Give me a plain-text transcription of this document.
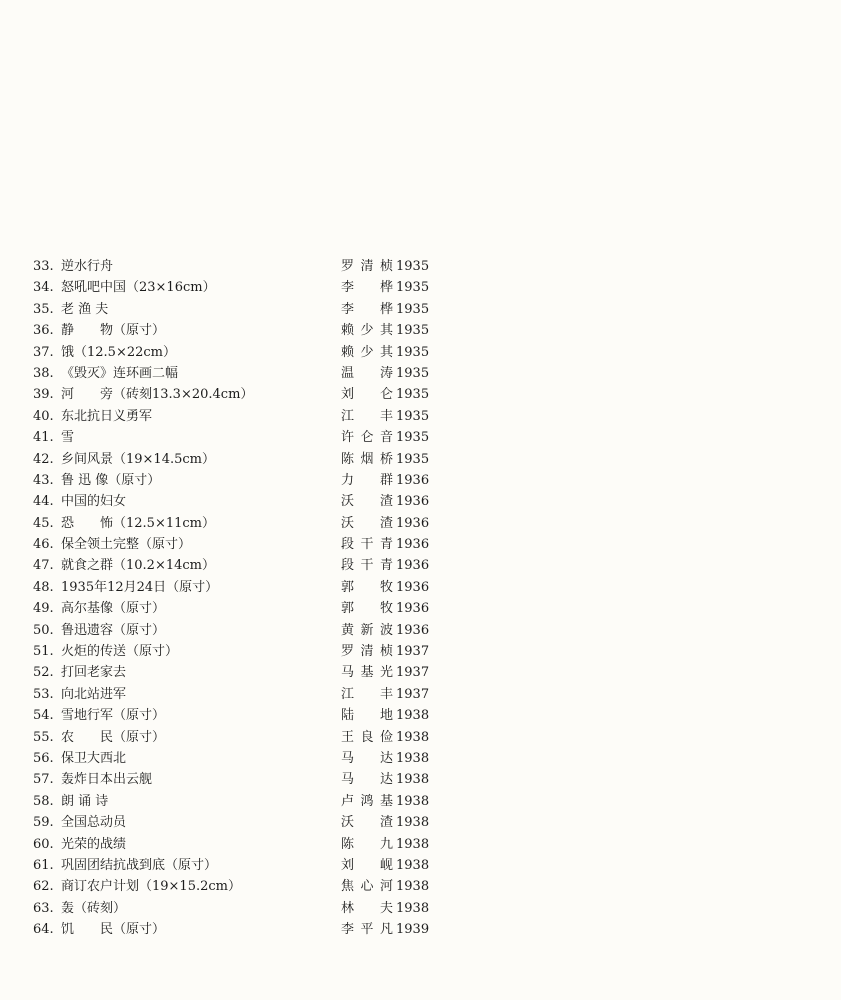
33. 逆水行舟	罗清桢 1935
34. 怒吼吧中国（23×16cm）	李 桦 1935
35. 老 渔 夫	李 桦 1935
36. 静　　物（原寸）	赖少其 1935
37. 饿（12.5×22cm）	赖少其 1935
38. 《毁灭》连环画二幅	温 涛 1935
39. 河　　旁（砖刻13.3×20.4cm）	刘 仑 1935
40. 东北抗日义勇军	江 丰 1935
41. 雪	许仑音 1935
42. 乡间风景（19×14.5cm）	陈烟桥 1935
43. 鲁 迅 像（原寸）	力 群 1936
44. 中国的妇女	沃 渣 1936
45. 恐　　怖（12.5×11cm）	沃 渣 1936
46. 保全领土完整（原寸）	段干青 1936
47. 就食之群（10.2×14cm）	段干青 1936
48. 1935年12月24日（原寸）	郭 牧 1936
49. 高尔基像（原寸）	郭 牧 1936
50. 鲁迅遗容（原寸）	黄新波 1936
51. 火炬的传送（原寸）	罗清桢 1937
52. 打回老家去	马基光 1937
53. 向北站进军	江 丰 1937
54. 雪地行军（原寸）	陆 地 1938
55. 农　　民（原寸）	王良俭 1938
56. 保卫大西北	马 达 1938
57. 轰炸日本出云舰	马 达 1938
58. 朗 诵 诗	卢鸿基 1938
59. 全国总动员	沃 渣 1938
60. 光荣的战绩	陈 九 1938
61. 巩固团结抗战到底（原寸）	刘 岘 1938
62. 商订农户计划（19×15.2cm）	焦心河 1938
63. 轰（砖刻）	林 夫 1938
64. 饥　　民（原寸）	李平凡 1939
